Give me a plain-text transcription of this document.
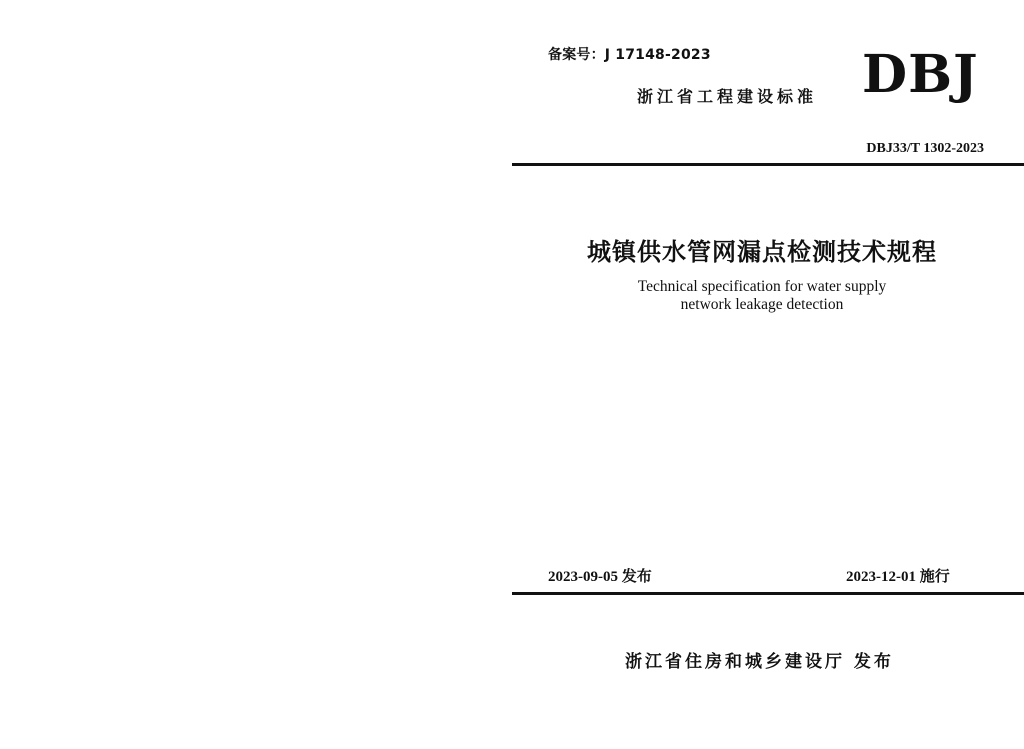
备案号：J 17148-2023
浙江省工程建设标准 DBJ
DBJ33/T 1302-2023
城镇供水管网漏点检测技术规程
Technical specification for water supply
network leakage detection
2023-09-05 发布	2023-12-01 施行
浙江省住房和城乡建设厅 发布
